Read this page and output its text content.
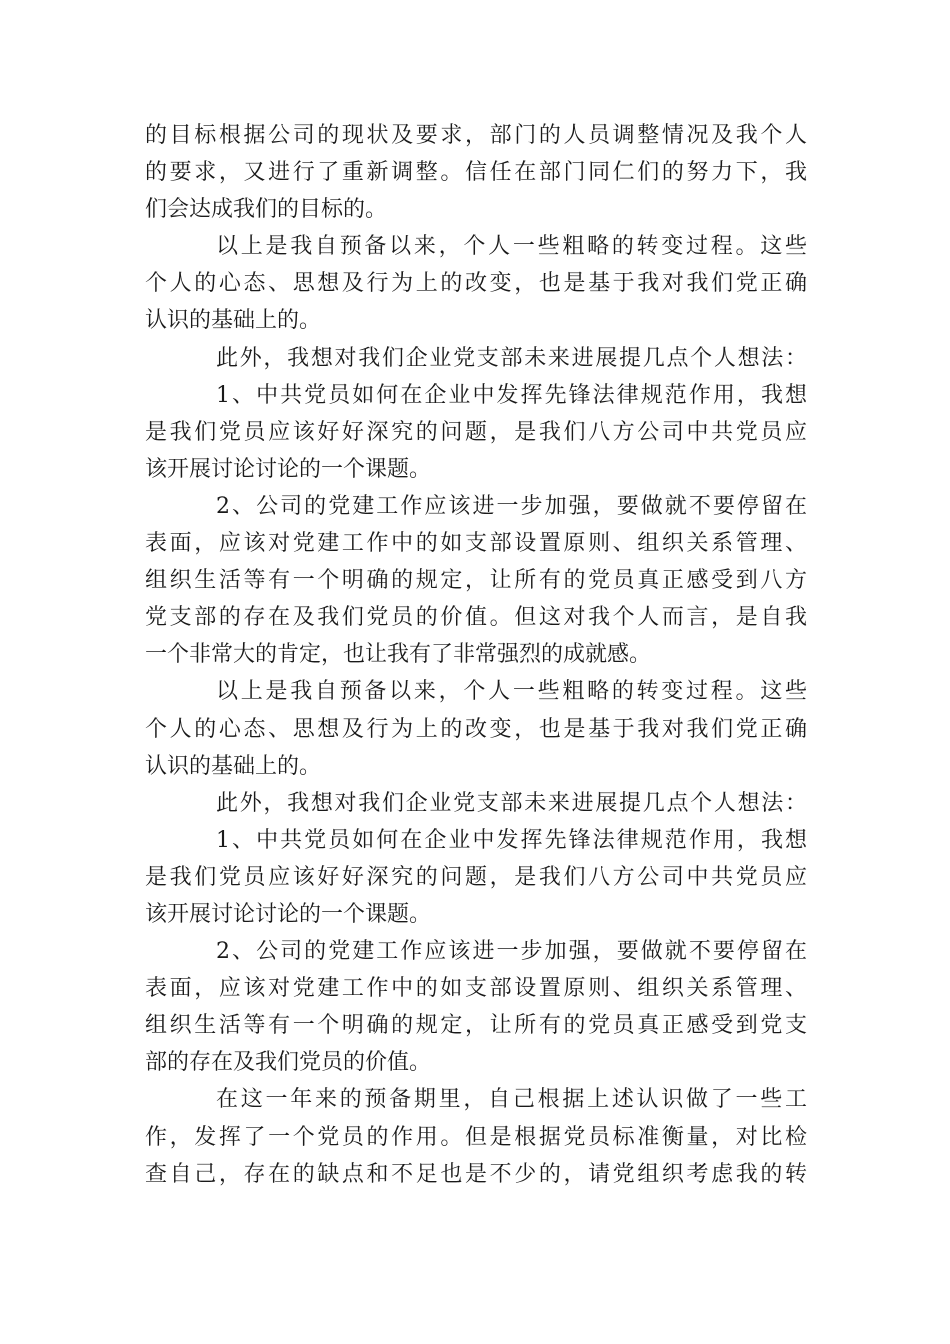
的目标根据公司的现状及要求，部门的人员调整情况及我个人
的要求，又进行了重新调整。信任在部门同仁们的努力下，我
们会达成我们的目标的。
以上是我自预备以来，个人一些粗略的转变过程。这些
个人的心态、思想及行为上的改变，也是基于我对我们党正确
认识的基础上的。
此外，我想对我们企业党支部未来进展提几点个人想法：
1、中共党员如何在企业中发挥先锋法律规范作用，我想
是我们党员应该好好深究的问题，是我们八方公司中共党员应
该开展讨论讨论的一个课题。
2、公司的党建工作应该进一步加强，要做就不要停留在
表面，应该对党建工作中的如支部设置原则、组织关系管理、
组织生活等有一个明确的规定，让所有的党员真正感受到八方
党支部的存在及我们党员的价值。但这对我个人而言，是自我
一个非常大的肯定，也让我有了非常强烈的成就感。
以上是我自预备以来，个人一些粗略的转变过程。这些
个人的心态、思想及行为上的改变，也是基于我对我们党正确
认识的基础上的。
此外，我想对我们企业党支部未来进展提几点个人想法：
1、中共党员如何在企业中发挥先锋法律规范作用，我想
是我们党员应该好好深究的问题，是我们八方公司中共党员应
该开展讨论讨论的一个课题。
2、公司的党建工作应该进一步加强，要做就不要停留在
表面，应该对党建工作中的如支部设置原则、组织关系管理、
组织生活等有一个明确的规定，让所有的党员真正感受到党支
部的存在及我们党员的价值。
在这一年来的预备期里，自己根据上述认识做了一些工
作，发挥了一个党员的作用。但是根据党员标准衡量，对比检
查自己，存在的缺点和不足也是不少的，请党组织考虑我的转
